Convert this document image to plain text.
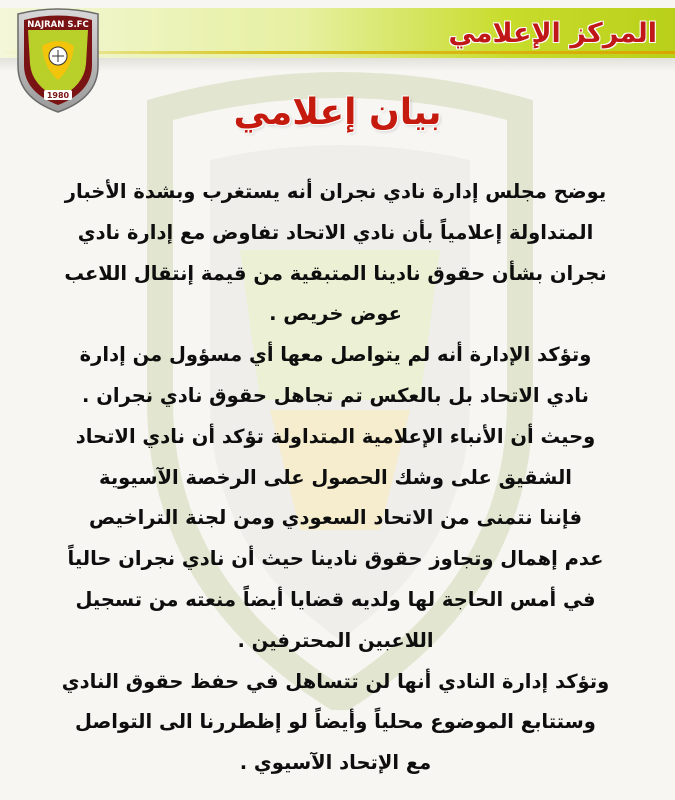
المركز الإعلامي
NAJRAN S.FC
1980	بيان إعلامي
يوضح مجلس إدارة نادي نجران أنه يستغرب وبشدة الأخبار
المتداولة إعلامياً بأن نادي الاتحاد تفاوض مع إدارة نادي
نجران بشأن حقوق نادينا المتبقية من قيمة إنتقال اللاعب
عوض خريص .
وتؤكد الإدارة أنه لم يتواصل معها أي مسؤول من إدارة
نادي الاتحاد بل بالعكس تم تجاهل حقوق نادي نجران .
وحيث أن الأنباء الإعلامية المتداولة تؤكد أن نادي الاتحاد
الشقيق على وشك الحصول على الرخصة الآسيوية
فإننا نتمنى من الاتحاد السعودي ومن لجنة التراخيص
عدم إهمال وتجاوز حقوق نادينا حيث أن نادي نجران حالياً
في أمس الحاجة لها ولديه قضايا أيضاً منعته من تسجيل
اللاعبين المحترفين .
وتؤكد إدارة النادي أنها لن تتساهل في حفظ حقوق النادي
وستتابع الموضوع محلياً وأيضاً لو إظطررنا الى التواصل
مع الإتحاد الآسيوي .
